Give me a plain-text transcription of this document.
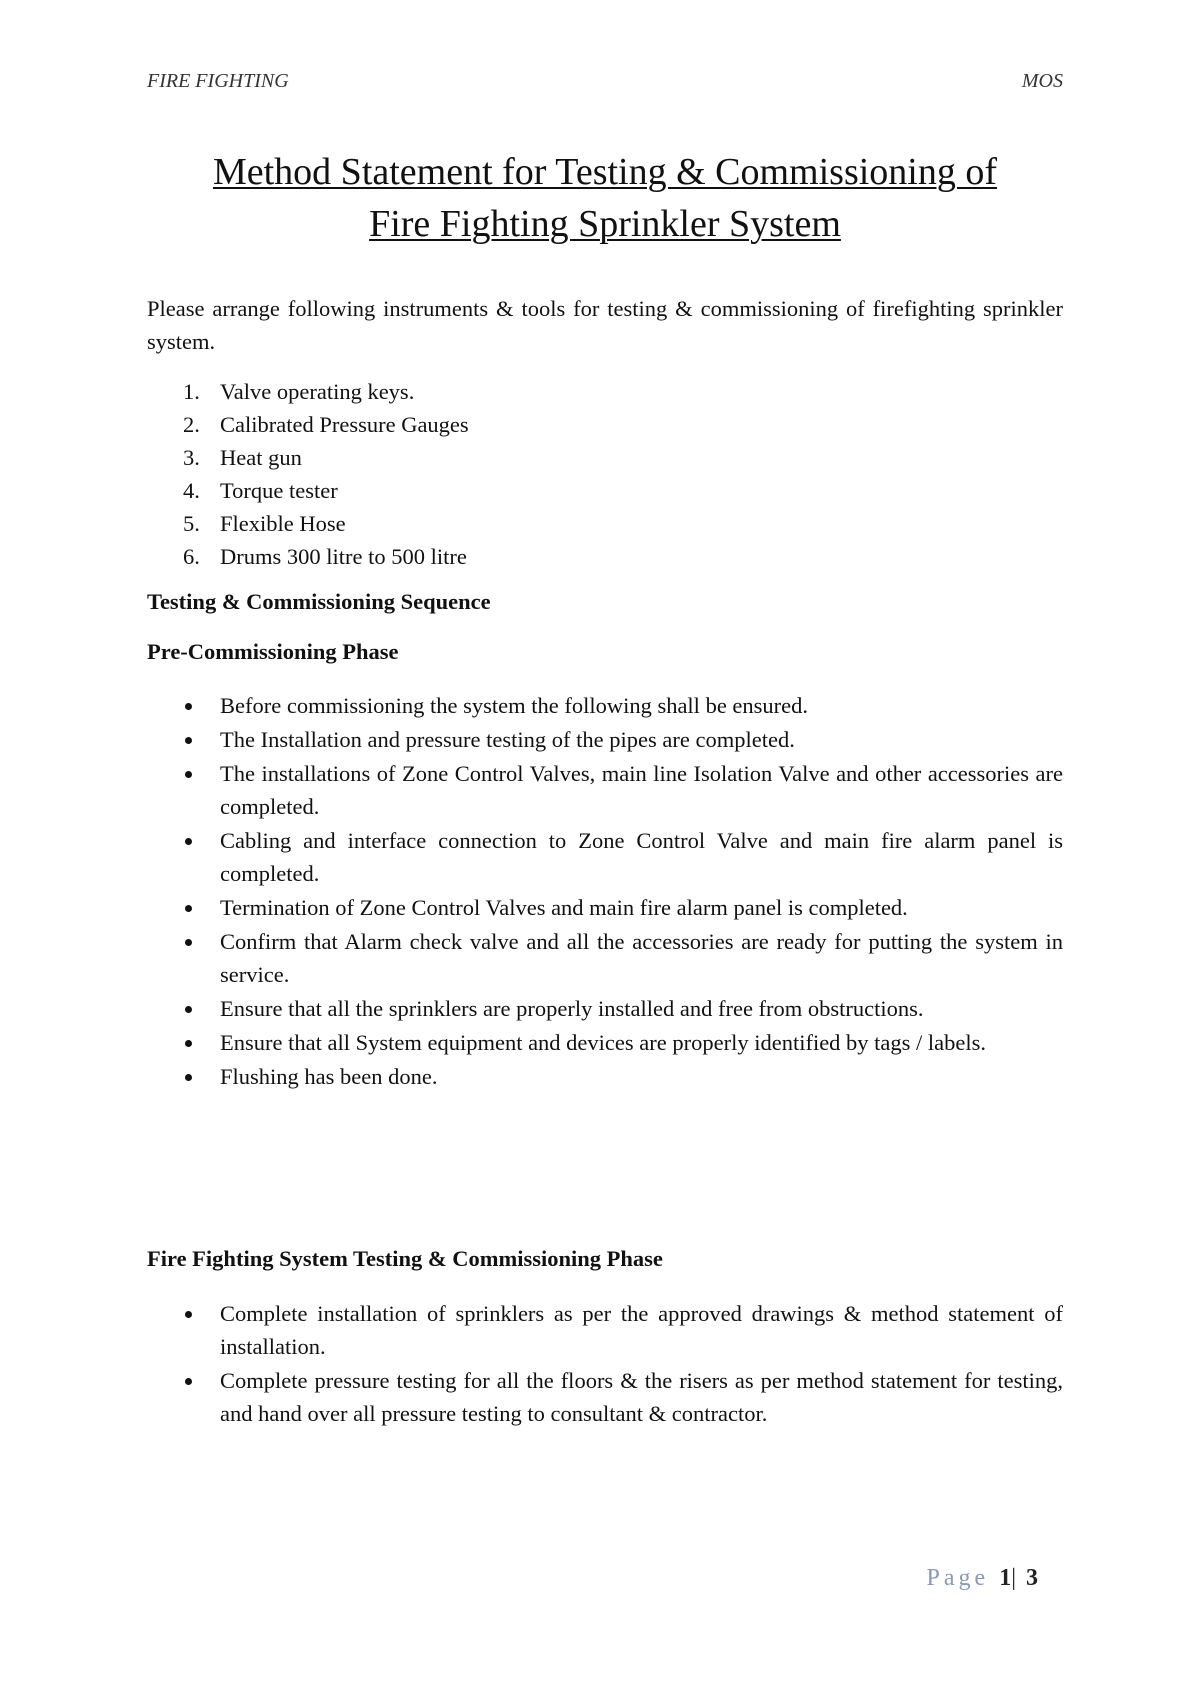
FIRE FIGHTING	MOS
Method Statement for Testing & Commissioning of
Fire Fighting Sprinkler System
Please arrange following instruments & tools for testing & commissioning of firefighting sprinkler system.
1. Valve operating keys.
2. Calibrated Pressure Gauges
3. Heat gun
4. Torque tester
5. Flexible Hose
6. Drums 300 litre to 500 litre
Testing & Commissioning Sequence
Pre-Commissioning Phase
Before commissioning the system the following shall be ensured.
The Installation and pressure testing of the pipes are completed.
The installations of Zone Control Valves, main line Isolation Valve and other accessories are completed.
Cabling and interface connection to Zone Control Valve and main fire alarm panel is completed.
Termination of Zone Control Valves and main fire alarm panel is completed.
Confirm that Alarm check valve and all the accessories are ready for putting the system in service.
Ensure that all the sprinklers are properly installed and free from obstructions.
Ensure that all System equipment and devices are properly identified by tags / labels.
Flushing has been done.
Fire Fighting System Testing & Commissioning Phase
Complete installation of sprinklers as per the approved drawings & method statement of installation.
Complete pressure testing for all the floors & the risers as per method statement for testing, and hand over all pressure testing to consultant & contractor.
Page 1| 3
